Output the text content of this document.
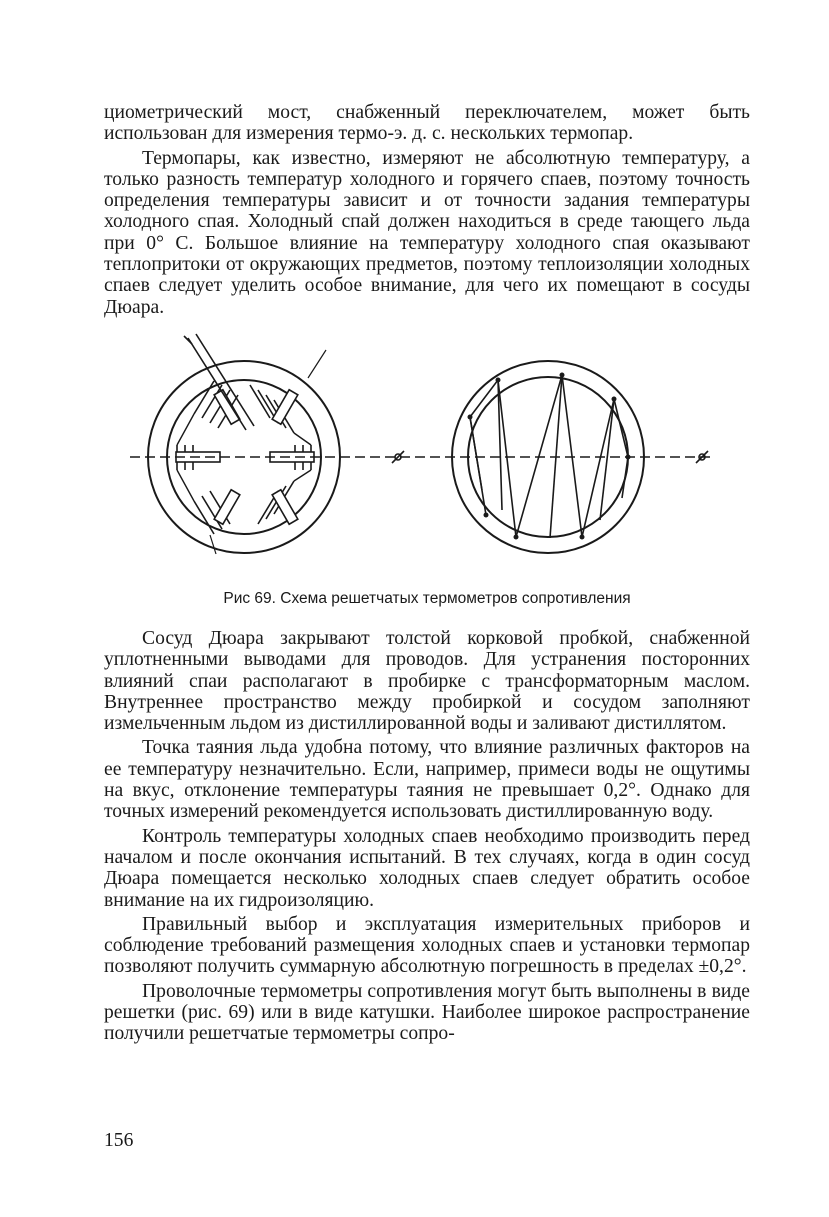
циометрический мост, снабженный переключателем, может быть использован для измерения термо-э. д. с. нескольких термопар.

Термопары, как известно, измеряют не абсолютную температуру, а только разность температур холодного и горячего спаев, поэтому точность определения температуры зависит и от точности задания температуры холодного спая. Холодный спай должен находиться в среде тающего льда при 0° С. Большое влияние на температуру холодного спая оказывают теплопритоки от окружающих предметов, поэтому теплоизоляции холодных спаев следует уделить особое внимание, для чего их помещают в сосуды Дюара.

Рис 69. Схема решетчатых термометров сопротивления

Сосуд Дюара закрывают толстой корковой пробкой, снабженной уплотненными выводами для проводов. Для устранения посторонних влияний спаи располагают в пробирке с трансформаторным маслом. Внутреннее пространство между пробиркой и сосудом заполняют измельченным льдом из дистиллированной воды и заливают дистиллятом.

Точка таяния льда удобна потому, что влияние различных факторов на ее температуру незначительно. Если, например, примеси воды не ощутимы на вкус, отклонение температуры таяния не превышает 0,2°. Однако для точных измерений рекомендуется использовать дистиллированную воду.

Контроль температуры холодных спаев необходимо производить перед началом и после окончания испытаний. В тех случаях, когда в один сосуд Дюара помещается несколько холодных спаев следует обратить особое внимание на их гидроизоляцию.

Правильный выбор и эксплуатация измерительных приборов и соблюдение требований размещения холодных спаев и установки термопар позволяют получить суммарную абсолютную погрешность в пределах ±0,2°.

Проволочные термометры сопротивления могут быть выполнены в виде решетки (рис. 69) или в виде катушки. Наиболее широкое распространение получили решетчатые термометры сопро-

156
